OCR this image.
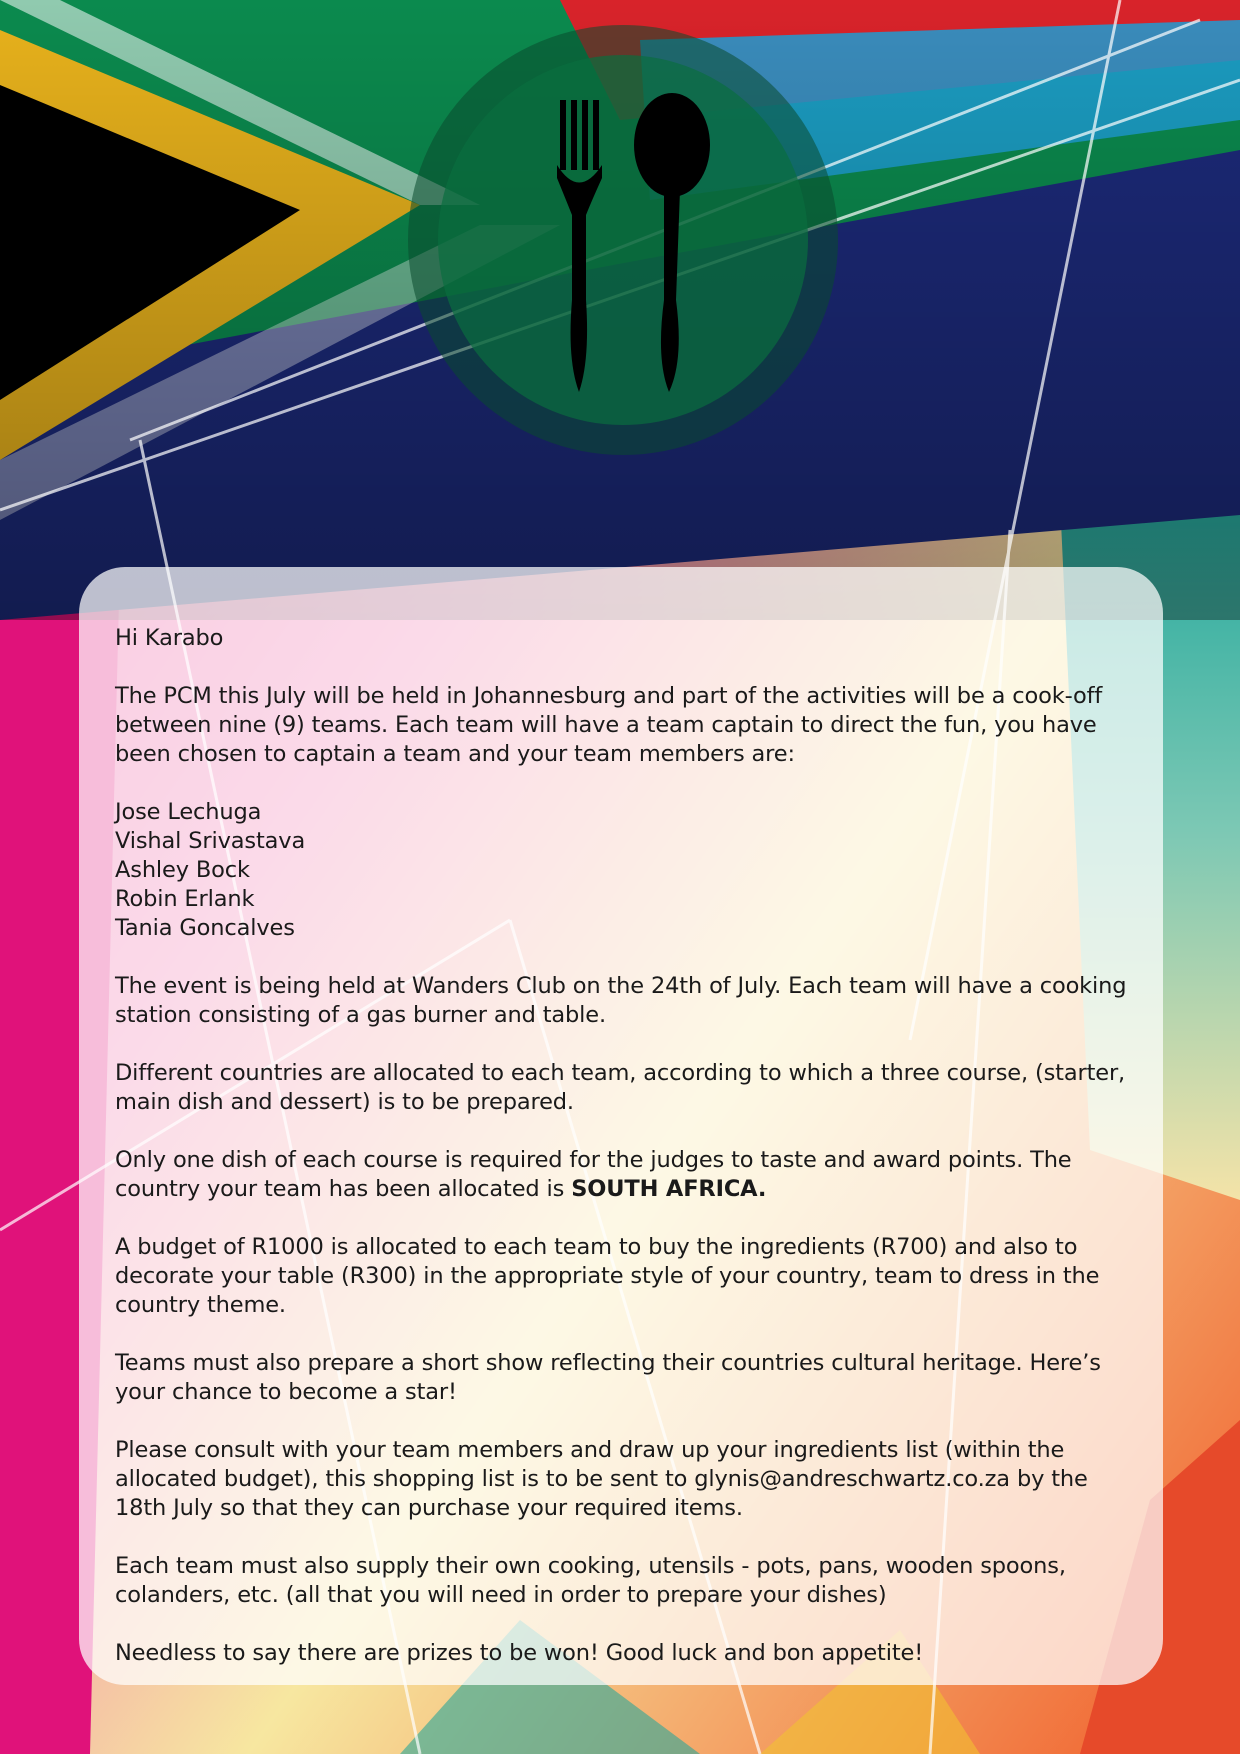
Hi Karabo

The PCM this July will be held in Johannesburg and part of the activities will be a cook-off between nine (9) teams. Each team will have a team captain to direct the fun, you have been chosen to captain a team and your team members are:

Jose Lechuga
Vishal Srivastava
Ashley Bock
Robin Erlank
Tania Goncalves

The event is being held at Wanders Club on the 24th of July. Each team will have a cooking station consisting of a gas burner and table.

Different countries are allocated to each team, according to which a three course, (starter, main dish and dessert) is to be prepared.

Only one dish of each course is required for the judges to taste and award points. The country your team has been allocated is SOUTH AFRICA.

A budget of R1000 is allocated to each team to buy the ingredients (R700) and also to decorate your table (R300) in the appropriate style of your country, team to dress in the country theme.

Teams must also prepare a short show reflecting their countries cultural heritage. Here’s your chance to become a star!

Please consult with your team members and draw up your ingredients list (within the allocated budget), this shopping list is to be sent to glynis@andreschwartz.co.za by the 18th July so that they can purchase your required items.

Each team must also supply their own cooking, utensils - pots, pans, wooden spoons, colanders, etc. (all that you will need in order to prepare your dishes)

Needless to say there are prizes to be won! Good luck and bon appetite!
